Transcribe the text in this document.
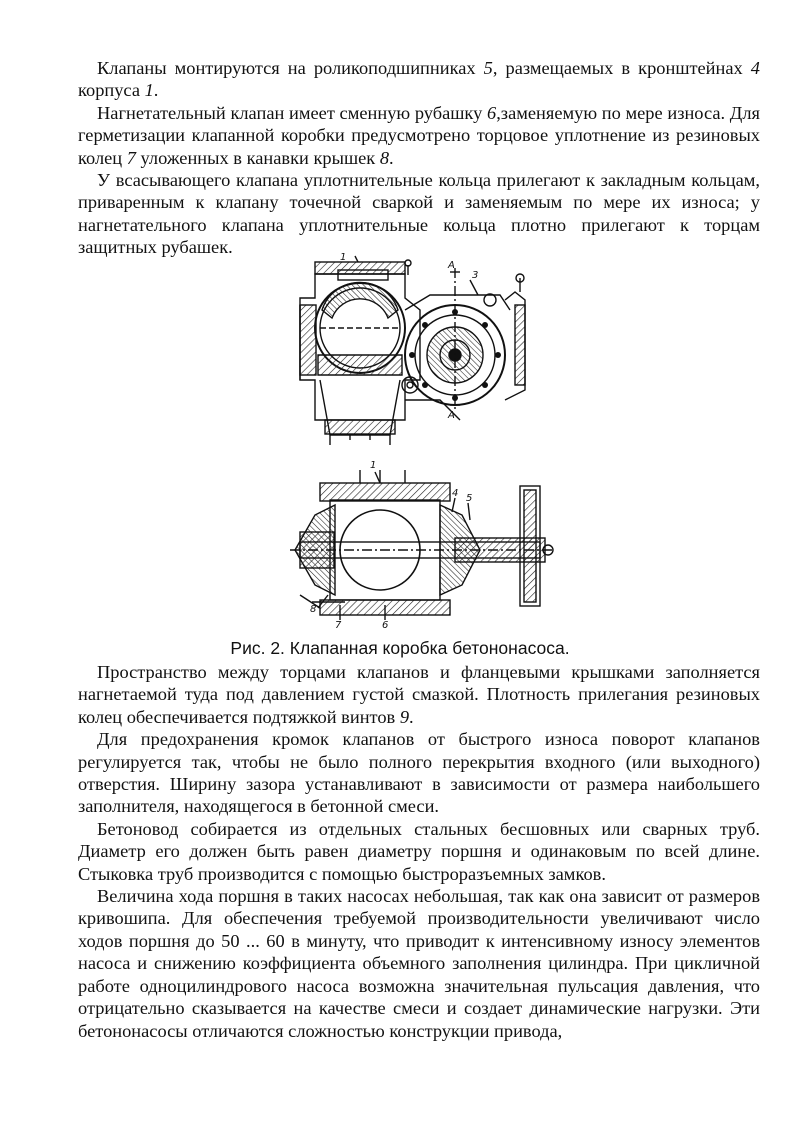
Клапаны монтируются на роликоподшипниках 5, размещаемых в кронштейнах 4 корпуса 1.

Нагнетательный клапан имеет сменную рубашку 6,заменяемую по мере износа. Для герметизации клапанной коробки предусмотрено торцовое уплотнение из резиновых колец 7 уложенных в канавки крышек 8.

У всасывающего клапана уплотнительные кольца прилегают к закладным кольцам, приваренным к клапану точечной сваркой и заменяемым по мере их износа; у нагнетательного клапана уплотнительные кольца плотно прилегают к торцам защитных рубашек.

1
А
3
А
1
4 5
8
7	6
Рис. 2. Клапанная коробка бетононасоса.

Пространство между торцами клапанов и фланцевыми крышками заполняется нагнетаемой туда под давлением густой смазкой. Плотность прилегания резиновых колец обеспечивается подтяжкой винтов 9.

Для предохранения кромок клапанов от быстрого износа поворот клапанов регулируется так, чтобы не было полного перекрытия входного (или выходного) отверстия. Ширину зазора устанавливают в зависимости от размера наибольшего заполнителя, находящегося в бетонной смеси.

Бетоновод собирается из отдельных стальных бесшовных или сварных труб. Диаметр его должен быть равен диаметру поршня и одинаковым по всей длине. Стыковка труб производится с помощью быстроразъемных замков.

Величина хода поршня в таких насосах небольшая, так как она зависит от размеров кривошипа. Для обеспечения требуемой производительности увеличивают число ходов поршня до 50 ... 60 в минуту, что приводит к интенсивному износу элементов насоса и снижению коэффициента объемного заполнения цилиндра. При цикличной работе одноцилиндрового насоса возможна значительная пульсация давления, что отрицательно сказывается на качестве смеси и создает динамические нагрузки. Эти бетононасосы отличаются сложностью конструкции привода,
